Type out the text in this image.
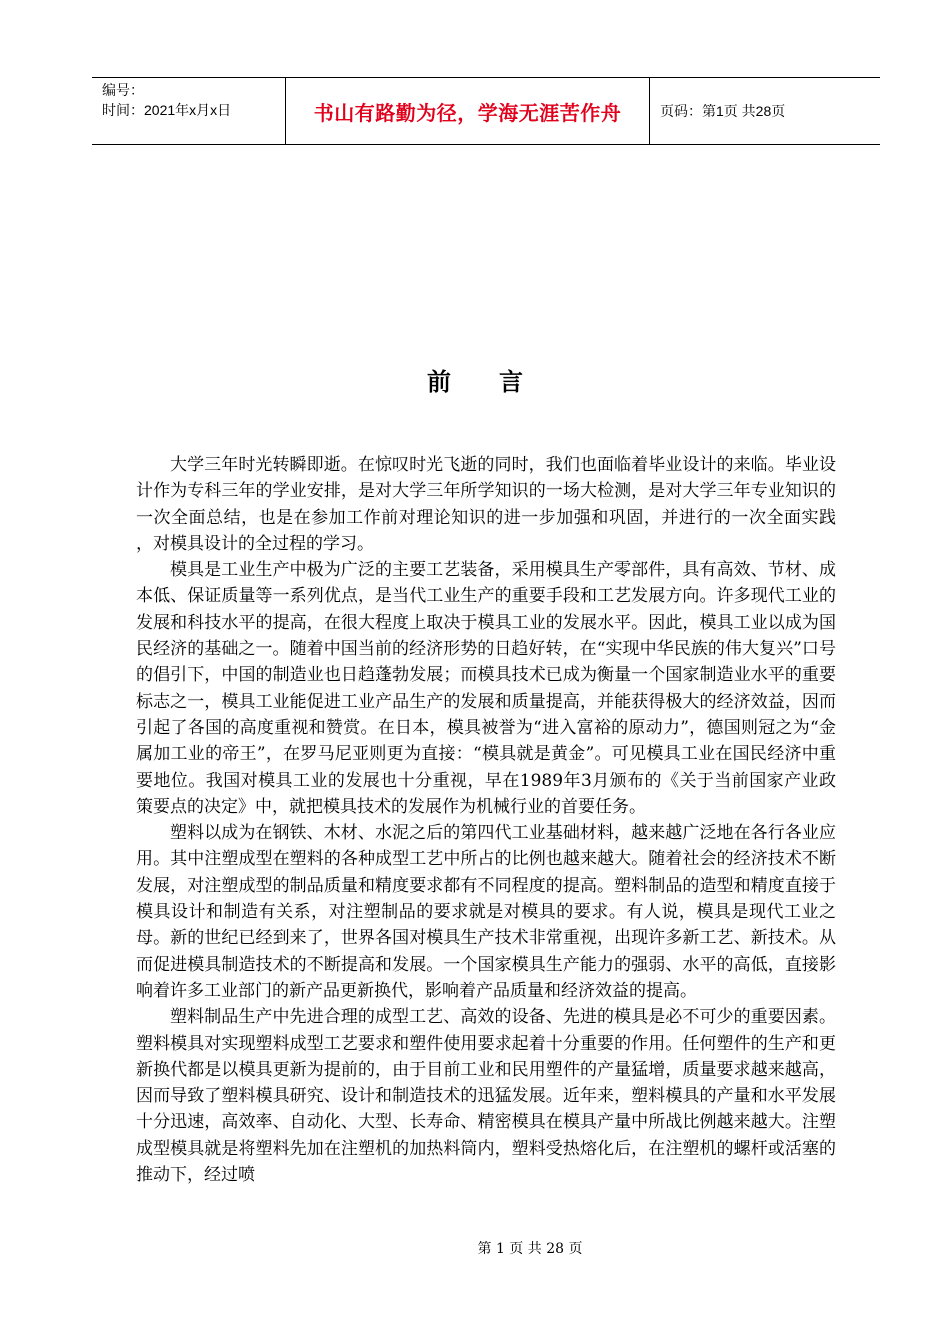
编号：
时间：2021年x月x日	书山有路勤为径，学海无涯苦作舟	页码：第1页 共28页
前 言

大学三年时光转瞬即逝。在惊叹时光飞逝的同时，我们也面临着毕业设计的来临。毕业设计作为专科三年的学业安排，是对大学三年所学知识的一场大检测，是对大学三年专业知识的一次全面总结，也是在参加工作前对理论知识的进一步加强和巩固，并进行的一次全面实践 ，对模具设计的全过程的学习。

模具是工业生产中极为广泛的主要工艺装备，采用模具生产零部件，具有高效、节材、成本低、保证质量等一系列优点，是当代工业生产的重要手段和工艺发展方向。许多现代工业的发展和科技水平的提高，在很大程度上取决于模具工业的发展水平。因此，模具工业以成为国民经济的基础之一。随着中国当前的经济形势的日趋好转，在“实现中华民族的伟大复兴”口号的倡引下，中国的制造业也日趋蓬勃发展；而模具技术已成为衡量一个国家制造业水平的重要标志之一，模具工业能促进工业产品生产的发展和质量提高，并能获得极大的经济效益，因而引起了各国的高度重视和赞赏。在日本，模具被誉为“进入富裕的原动力”，德国则冠之为“金属加工业的帝王”，在罗马尼亚则更为直接：“模具就是黄金”。可见模具工业在国民经济中重要地位。我国对模具工业的发展也十分重视，早在1989年3月颁布的《关于当前国家产业政策要点的决定》中，就把模具技术的发展作为机械行业的首要任务。

塑料以成为在钢铁、木材、水泥之后的第四代工业基础材料，越来越广泛地在各行各业应用。其中注塑成型在塑料的各种成型工艺中所占的比例也越来越大。随着社会的经济技术不断发展，对注塑成型的制品质量和精度要求都有不同程度的提高。塑料制品的造型和精度直接于模具设计和制造有关系，对注塑制品的要求就是对模具的要求。有人说，模具是现代工业之母。新的世纪已经到来了，世界各国对模具生产技术非常重视，出现许多新工艺、新技术。从而促进模具制造技术的不断提高和发展。一个国家模具生产能力的强弱、水平的高低，直接影响着许多工业部门的新产品更新换代，影响着产品质量和经济效益的提高。

塑料制品生产中先进合理的成型工艺、高效的设备、先进的模具是必不可少的重要因素。塑料模具对实现塑料成型工艺要求和塑件使用要求起着十分重要的作用。任何塑件的生产和更新换代都是以模具更新为提前的，由于目前工业和民用塑件的产量猛增，质量要求越来越高，因而导致了塑料模具研究、设计和制造技术的迅猛发展。近年来，塑料模具的产量和水平发展十分迅速，高效率、自动化、大型、长寿命、精密模具在模具产量中所战比例越来越大。注塑成型模具就是将塑料先加在注塑机的加热料筒内，塑料受热熔化后，在注塑机的螺杆或活塞的推动下，经过喷

第 1 页 共 28 页
